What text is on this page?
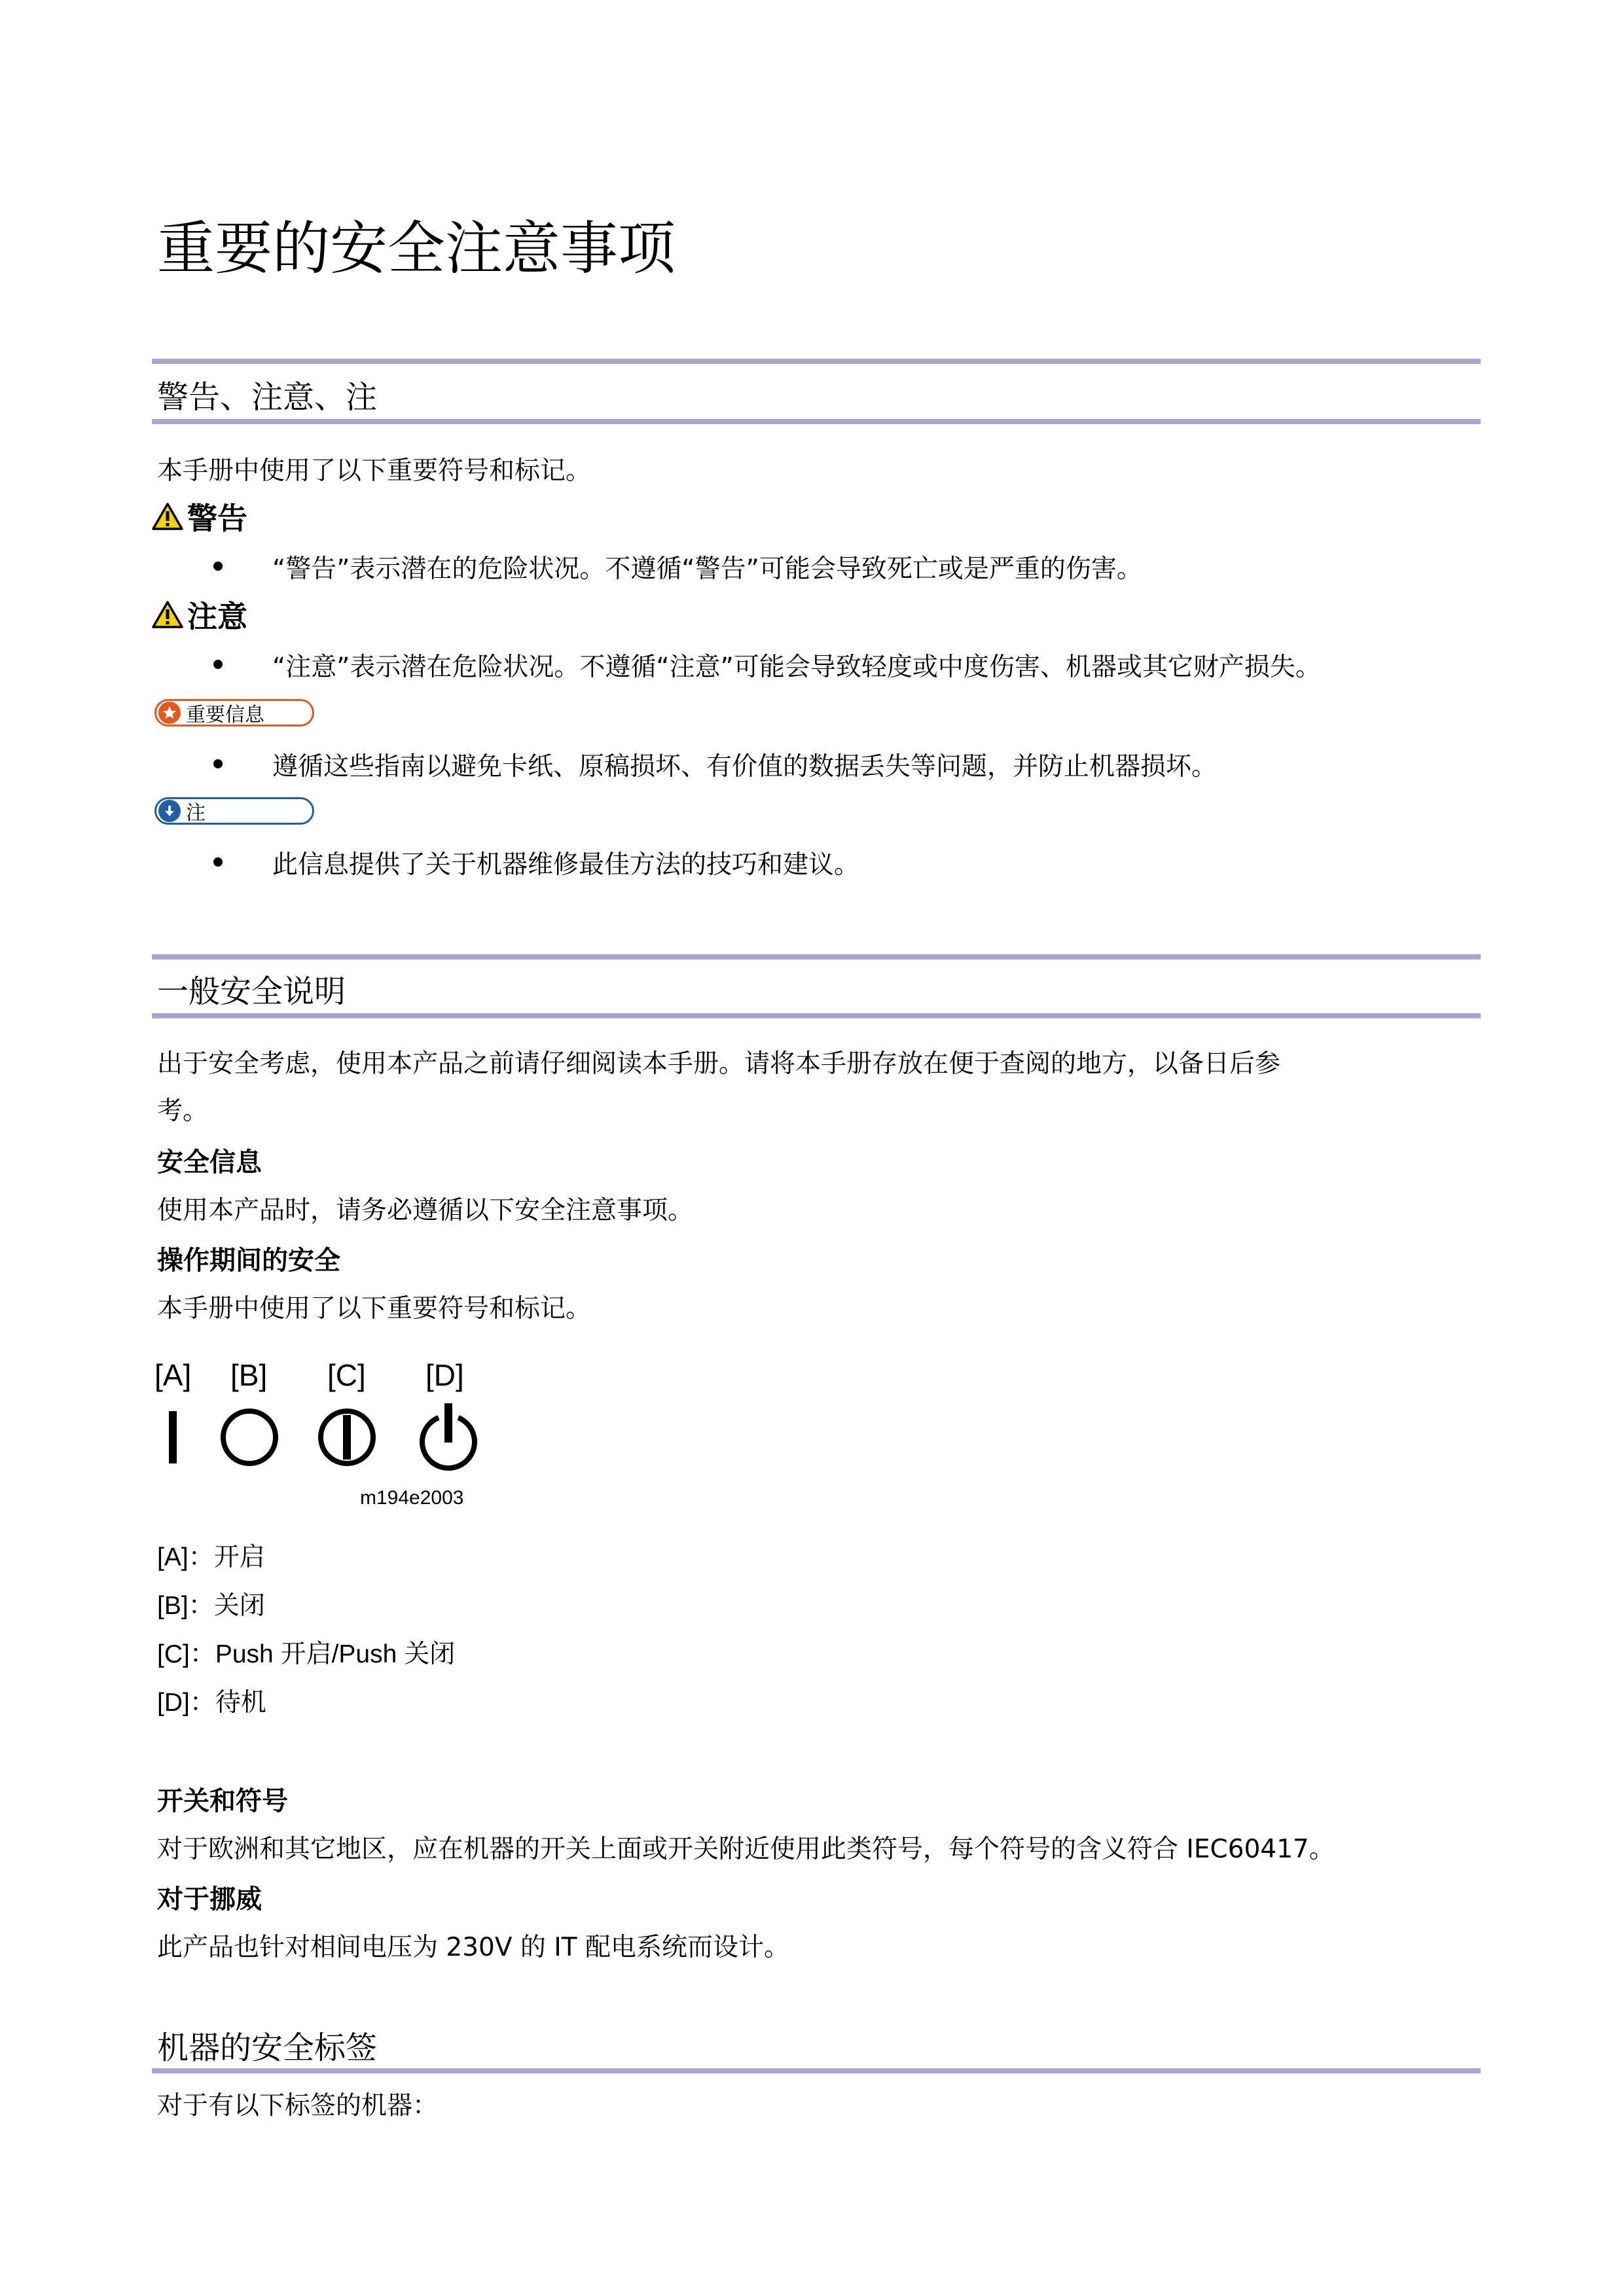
重要的安全注意事项
警告、注意、注
本手册中使用了以下重要符号和标记。
警告
“警告”表示潜在的危险状况。不遵循“警告”可能会导致死亡或是严重的伤害。
注意
“注意”表示潜在危险状况。不遵循“注意”可能会导致轻度或中度伤害、机器或其它财产损失。
重要信息
遵循这些指南以避免卡纸、原稿损坏、有价值的数据丢失等问题，并防止机器损坏。
注
此信息提供了关于机器维修最佳方法的技巧和建议。
一般安全说明
出于安全考虑，使用本产品之前请仔细阅读本手册。请将本手册存放在便于查阅的地方，以备日后参
考。
安全信息
使用本产品时，请务必遵循以下安全注意事项。
操作期间的安全
本手册中使用了以下重要符号和标记。
[A] [B] [C] [D]
m194e2003
[A]：开启
[B]：关闭
[C]：Push 开启/Push 关闭
[D]：待机
开关和符号
对于欧洲和其它地区，应在机器的开关上面或开关附近使用此类符号，每个符号的含义符合 IEC60417。
对于挪威
此产品也针对相间电压为 230V 的 IT 配电系统而设计。
机器的安全标签
对于有以下标签的机器：
